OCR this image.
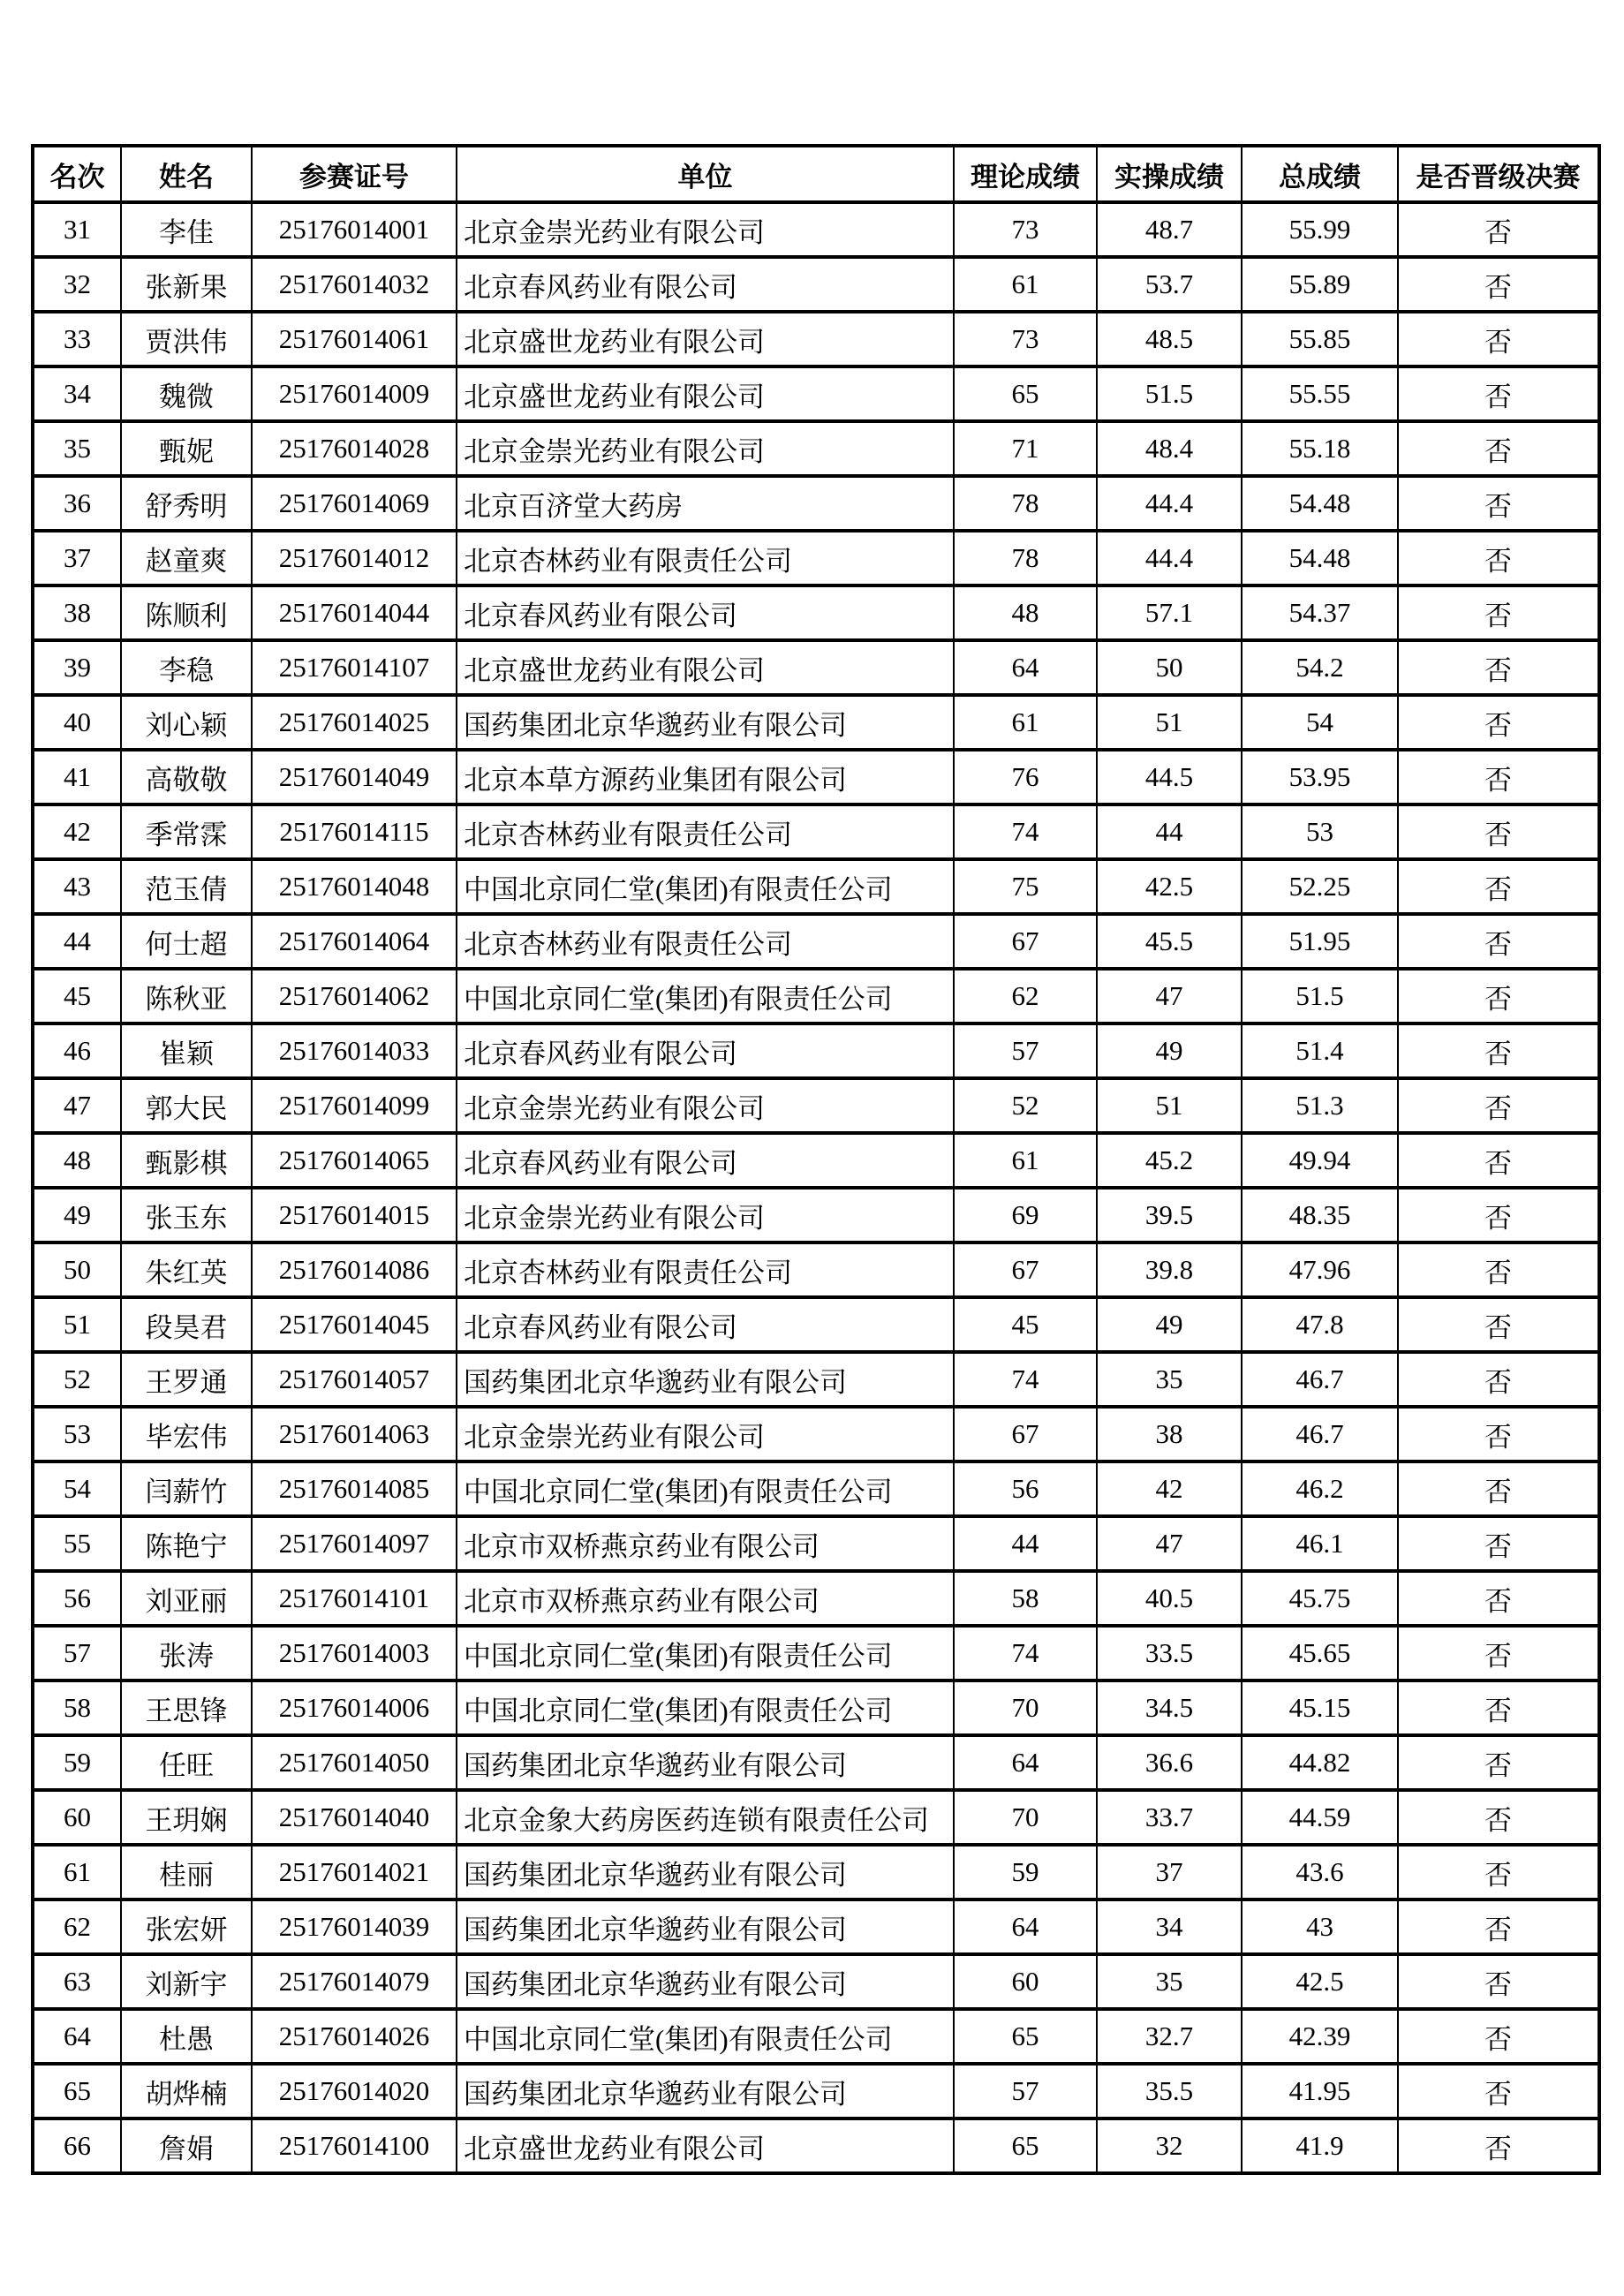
名次	姓名	参赛证号	单位	理论成绩	实操成绩	总成绩	是否晋级决赛
31	李佳	25176014001	北京金崇光药业有限公司	73	48.7	55.99	否
32	张新果	25176014032	北京春风药业有限公司	61	53.7	55.89	否
33	贾洪伟	25176014061	北京盛世龙药业有限公司	73	48.5	55.85	否
34	魏微	25176014009	北京盛世龙药业有限公司	65	51.5	55.55	否
35	甄妮	25176014028	北京金崇光药业有限公司	71	48.4	55.18	否
36	舒秀明	25176014069	北京百济堂大药房	78	44.4	54.48	否
37	赵童爽	25176014012	北京杏林药业有限责任公司	78	44.4	54.48	否
38	陈顺利	25176014044	北京春风药业有限公司	48	57.1	54.37	否
39	李稳	25176014107	北京盛世龙药业有限公司	64	50	54.2	否
40	刘心颖	25176014025	国药集团北京华邈药业有限公司	61	51	54	否
41	高敬敬	25176014049	北京本草方源药业集团有限公司	76	44.5	53.95	否
42	季常霂	25176014115	北京杏林药业有限责任公司	74	44	53	否
43	范玉倩	25176014048	中国北京同仁堂(集团)有限责任公司	75	42.5	52.25	否
44	何士超	25176014064	北京杏林药业有限责任公司	67	45.5	51.95	否
45	陈秋亚	25176014062	中国北京同仁堂(集团)有限责任公司	62	47	51.5	否
46	崔颖	25176014033	北京春风药业有限公司	57	49	51.4	否
47	郭大民	25176014099	北京金崇光药业有限公司	52	51	51.3	否
48	甄影棋	25176014065	北京春风药业有限公司	61	45.2	49.94	否
49	张玉东	25176014015	北京金崇光药业有限公司	69	39.5	48.35	否
50	朱红英	25176014086	北京杏林药业有限责任公司	67	39.8	47.96	否
51	段昊君	25176014045	北京春风药业有限公司	45	49	47.8	否
52	王罗通	25176014057	国药集团北京华邈药业有限公司	74	35	46.7	否
53	毕宏伟	25176014063	北京金崇光药业有限公司	67	38	46.7	否
54	闫薪竹	25176014085	中国北京同仁堂(集团)有限责任公司	56	42	46.2	否
55	陈艳宁	25176014097	北京市双桥燕京药业有限公司	44	47	46.1	否
56	刘亚丽	25176014101	北京市双桥燕京药业有限公司	58	40.5	45.75	否
57	张涛	25176014003	中国北京同仁堂(集团)有限责任公司	74	33.5	45.65	否
58	王思锋	25176014006	中国北京同仁堂(集团)有限责任公司	70	34.5	45.15	否
59	任旺	25176014050	国药集团北京华邈药业有限公司	64	36.6	44.82	否
60	王玥娴	25176014040	北京金象大药房医药连锁有限责任公司	70	33.7	44.59	否
61	桂丽	25176014021	国药集团北京华邈药业有限公司	59	37	43.6	否
62	张宏妍	25176014039	国药集团北京华邈药业有限公司	64	34	43	否
63	刘新宇	25176014079	国药集团北京华邈药业有限公司	60	35	42.5	否
64	杜愚	25176014026	中国北京同仁堂(集团)有限责任公司	65	32.7	42.39	否
65	胡烨楠	25176014020	国药集团北京华邈药业有限公司	57	35.5	41.95	否
66	詹娟	25176014100	北京盛世龙药业有限公司	65	32	41.9	否
